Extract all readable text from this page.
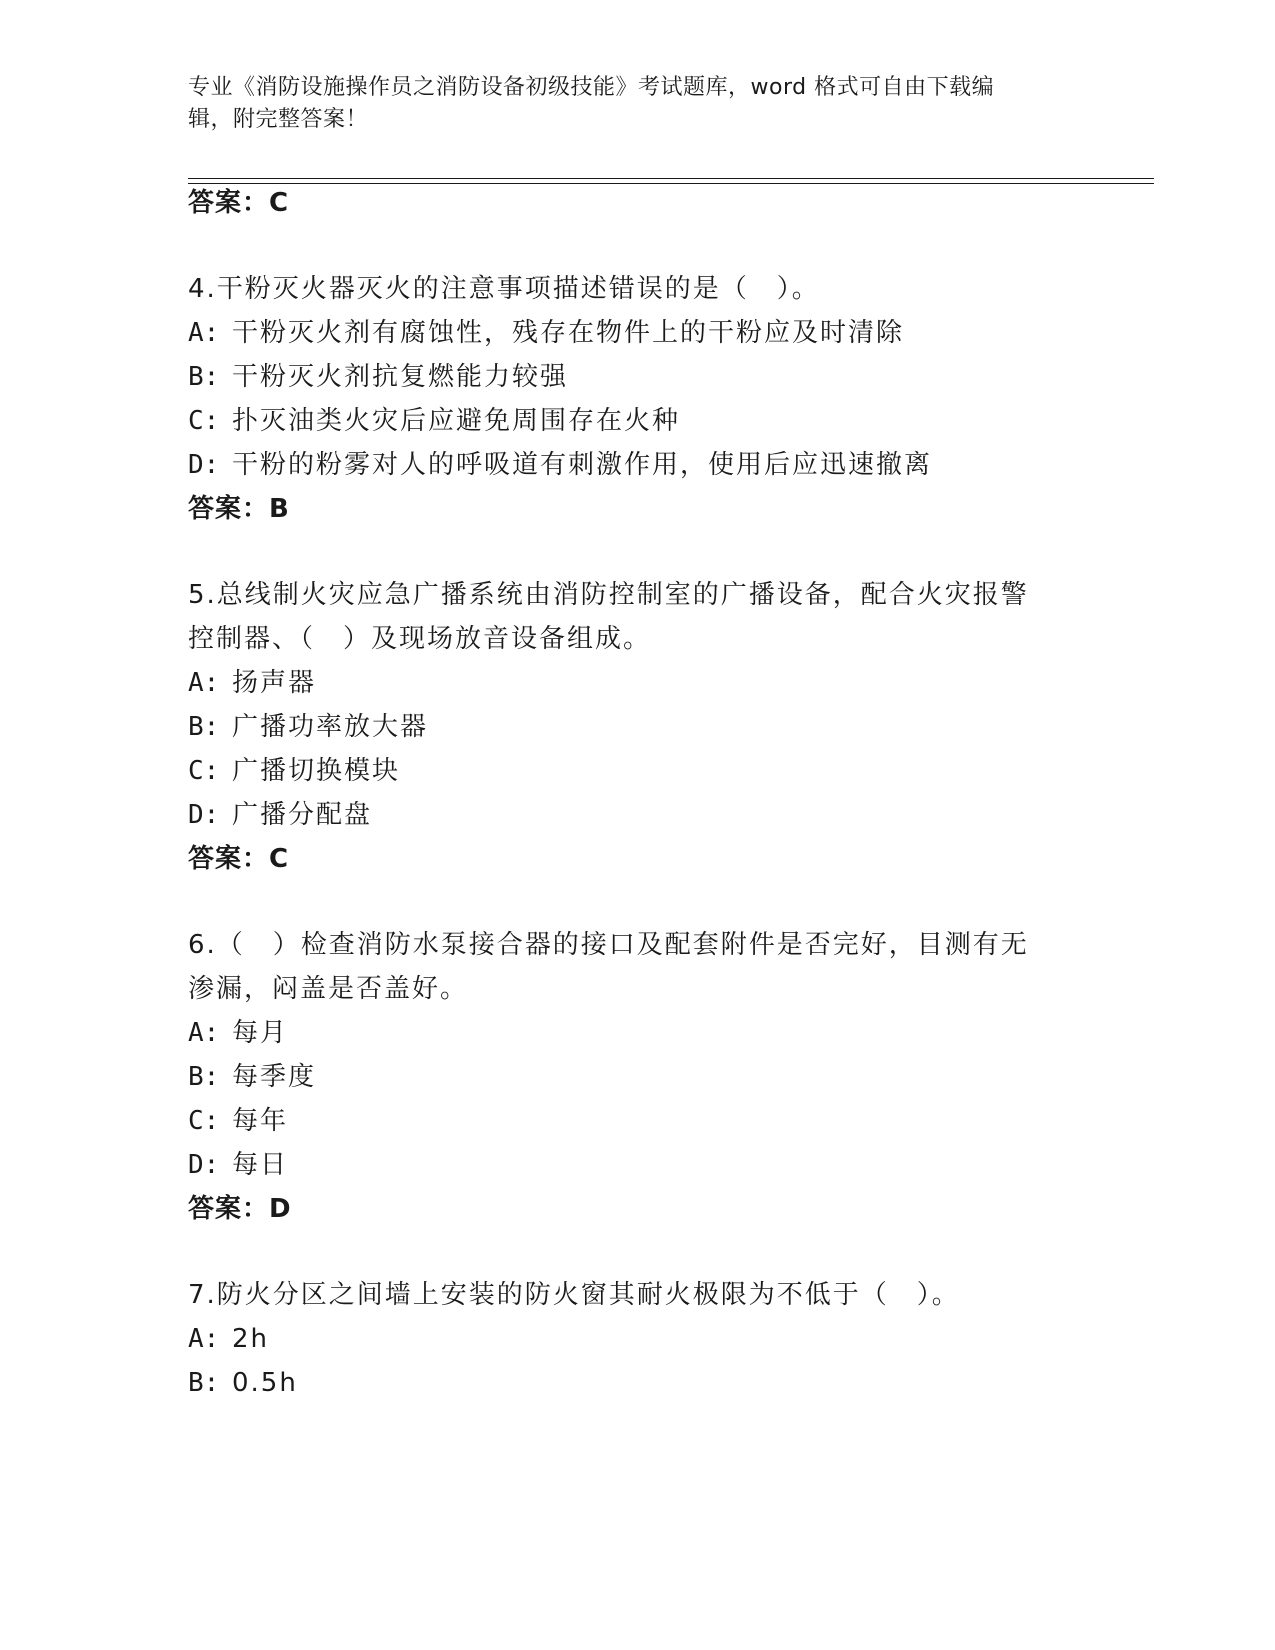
专业《消防设施操作员之消防设备初级技能》考试题库，word 格式可自由下载编
辑，附完整答案！
答案：C
4.干粉灭火器灭火的注意事项描述错误的是（　）。
A: 干粉灭火剂有腐蚀性，残存在物件上的干粉应及时清除
B: 干粉灭火剂抗复燃能力较强
C: 扑灭油类火灾后应避免周围存在火种
D: 干粉的粉雾对人的呼吸道有刺激作用，使用后应迅速撤离
答案：B
5.总线制火灾应急广播系统由消防控制室的广播设备，配合火灾报警
控制器、（　）及现场放音设备组成。
A: 扬声器
B: 广播功率放大器
C: 广播切换模块
D: 广播分配盘
答案：C
6.（　）检查消防水泵接合器的接口及配套附件是否完好，目测有无
渗漏，闷盖是否盖好。
A: 每月
B: 每季度
C: 每年
D: 每日
答案：D
7.防火分区之间墙上安装的防火窗其耐火极限为不低于（　）。
A: 2h
B: 0.5h
